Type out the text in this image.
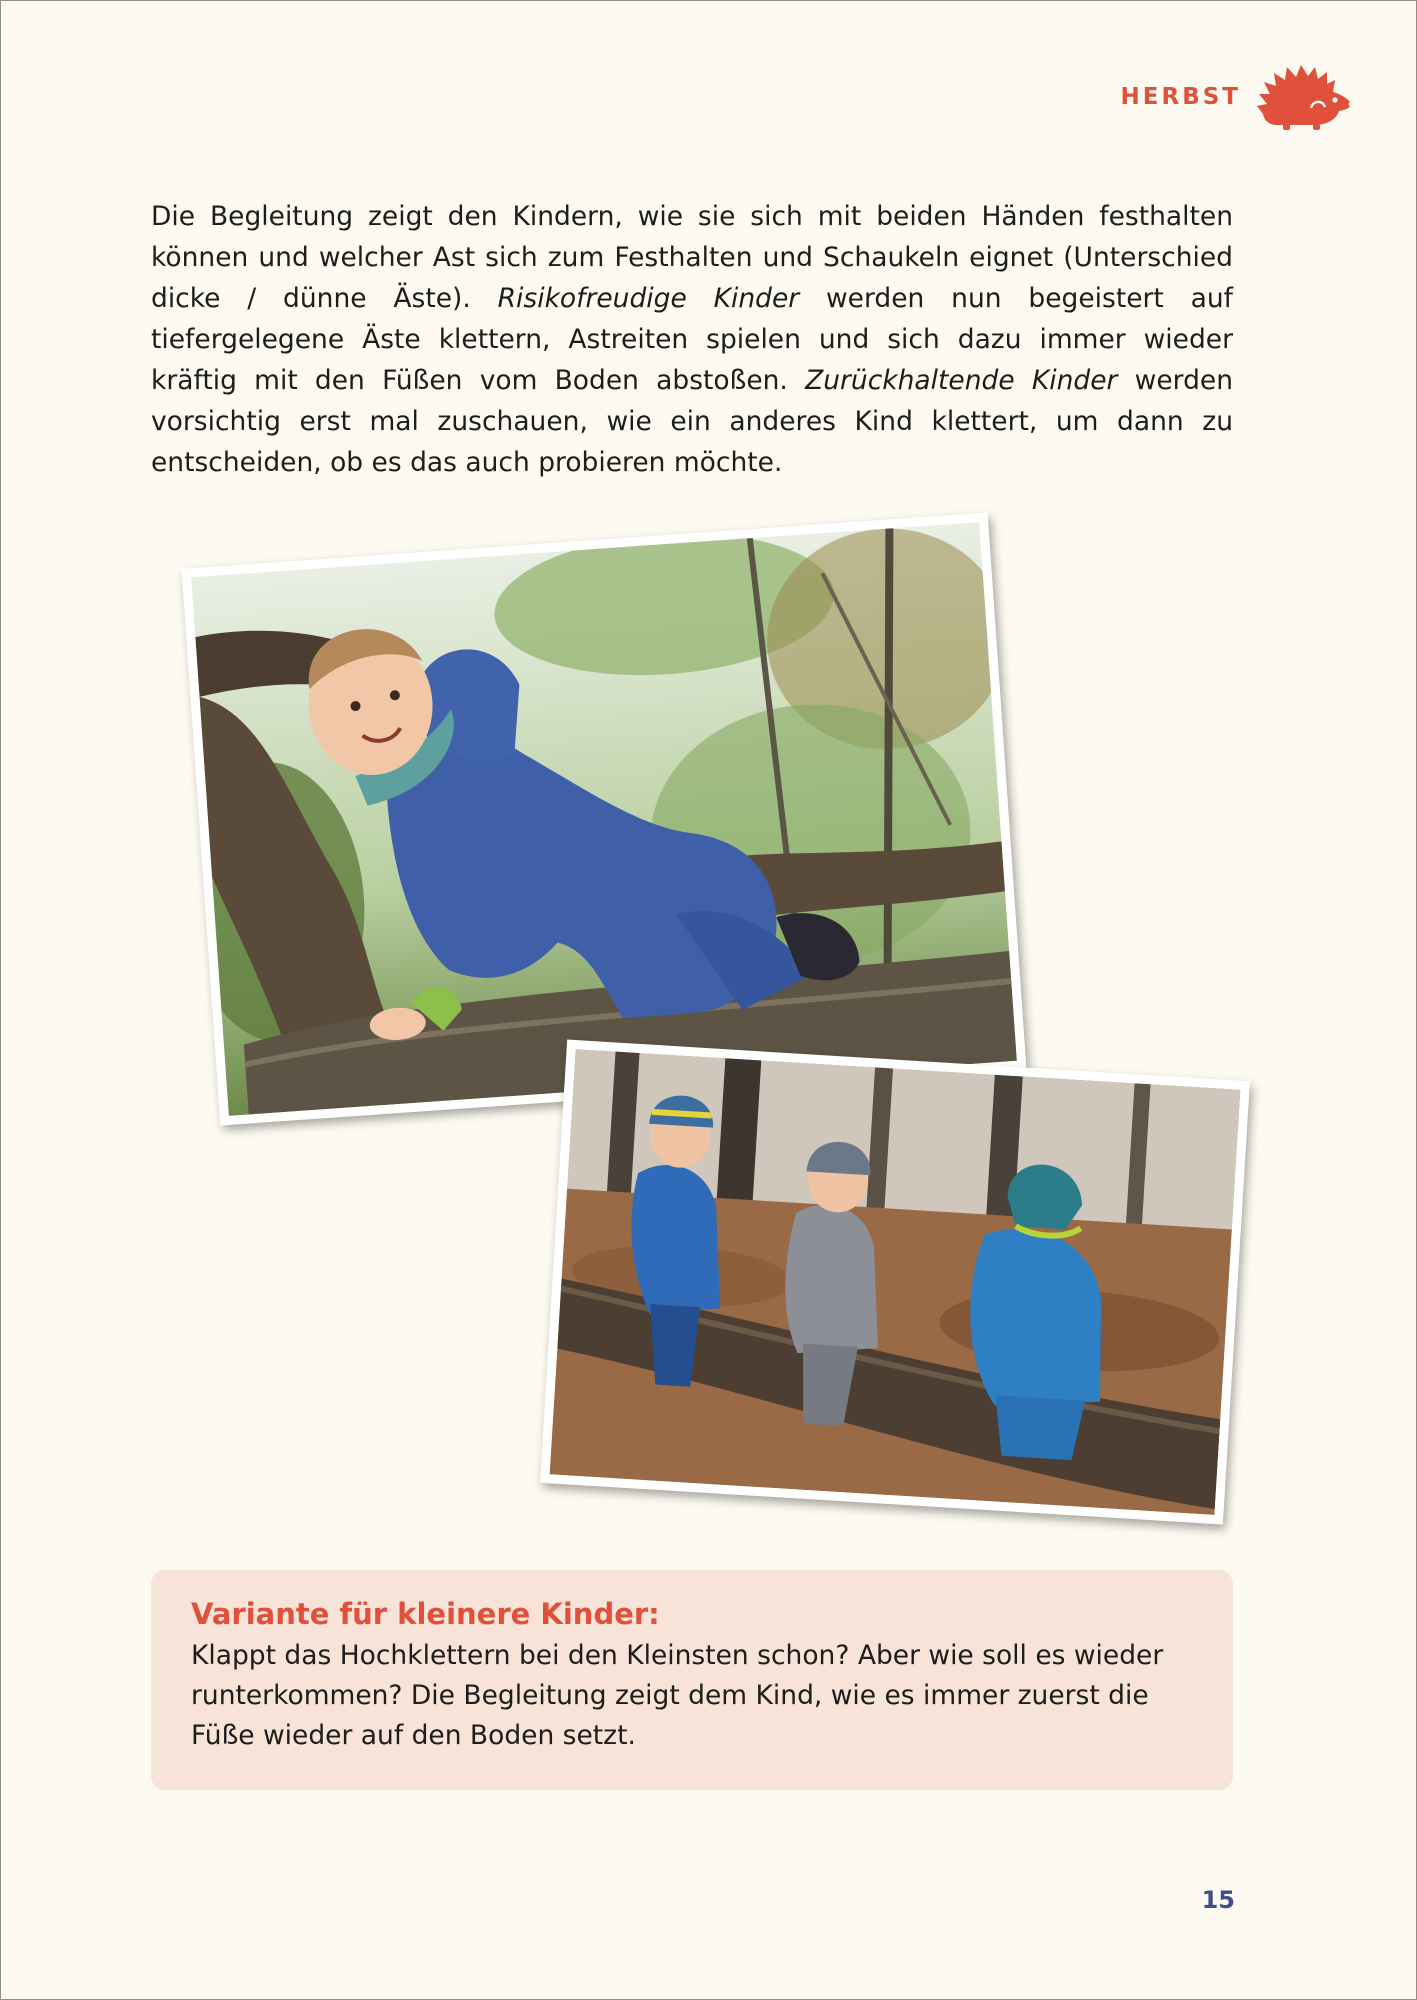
HERBST

Die Begleitung zeigt den Kindern, wie sie sich mit beiden Händen festhalten können und welcher Ast sich zum Festhalten und Schaukeln eignet (Unterschied dicke / dünne Äste). Risikofreudige Kinder werden nun begeistert auf tiefergelegene Äste klettern, Astreiten spielen und sich dazu immer wieder kräftig mit den Füßen vom Boden abstoßen. Zurückhaltende Kinder werden vorsichtig erst mal zuschauen, wie ein anderes Kind klettert, um dann zu entscheiden, ob es das auch probieren möchte.

Variante für kleinere Kinder:

Klappt das Hochklettern bei den Kleinsten schon? Aber wie soll es wieder runterkommen? Die Begleitung zeigt dem Kind, wie es immer zuerst die Füße wieder auf den Boden setzt.

15
